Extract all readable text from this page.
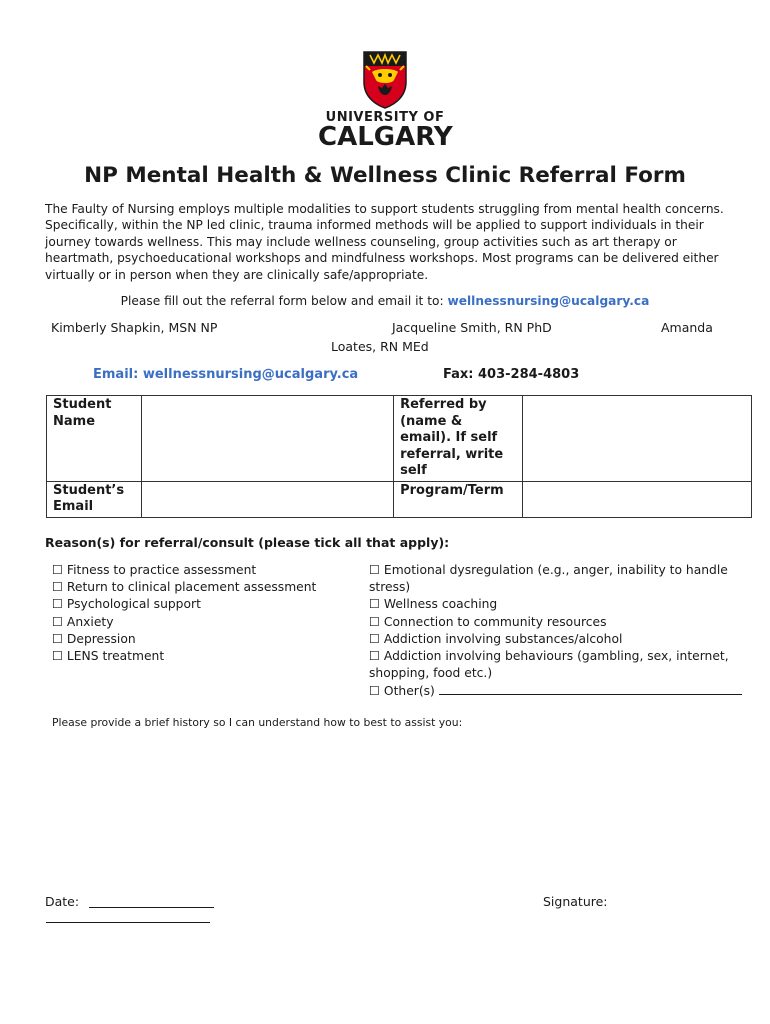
UNIVERSITY OF
CALGARY
NP Mental Health & Wellness Clinic Referral Form
The Faulty of Nursing employs multiple modalities to support students struggling from mental health concerns. Specifically, within the NP led clinic, trauma informed methods will be applied to support individuals in their journey towards wellness. This may include wellness counseling, group activities such as art therapy or heartmath, psychoeducational workshops and mindfulness workshops. Most programs can be delivered either virtually or in person when they are clinically safe/appropriate.
Please fill out the referral form below and email it to: wellnessnursing@ucalgary.ca
Kimberly Shapkin, MSN NP	Jacqueline Smith, RN PhD	Amanda
Loates, RN MEd
Email: wellnessnursing@ucalgary.ca	Fax: 403-284-4803
Student Name		Referred by (name & email). If self referral, write self	
Student’s Email		Program/Term	
Reason(s) for referral/consult (please tick all that apply):
☐ Fitness to practice assessment
☐ Return to clinical placement assessment
☐ Psychological support
☐ Anxiety
☐ Depression
☐ LENS treatment
☐ Emotional dysregulation (e.g., anger, inability to handle stress)
☐ Wellness coaching
☐ Connection to community resources
☐ Addiction involving substances/alcohol
☐ Addiction involving behaviours (gambling, sex, internet, shopping, food etc.)
☐ Other(s)
Please provide a brief history so I can understand how to best to assist you:
Date:	Signature:
